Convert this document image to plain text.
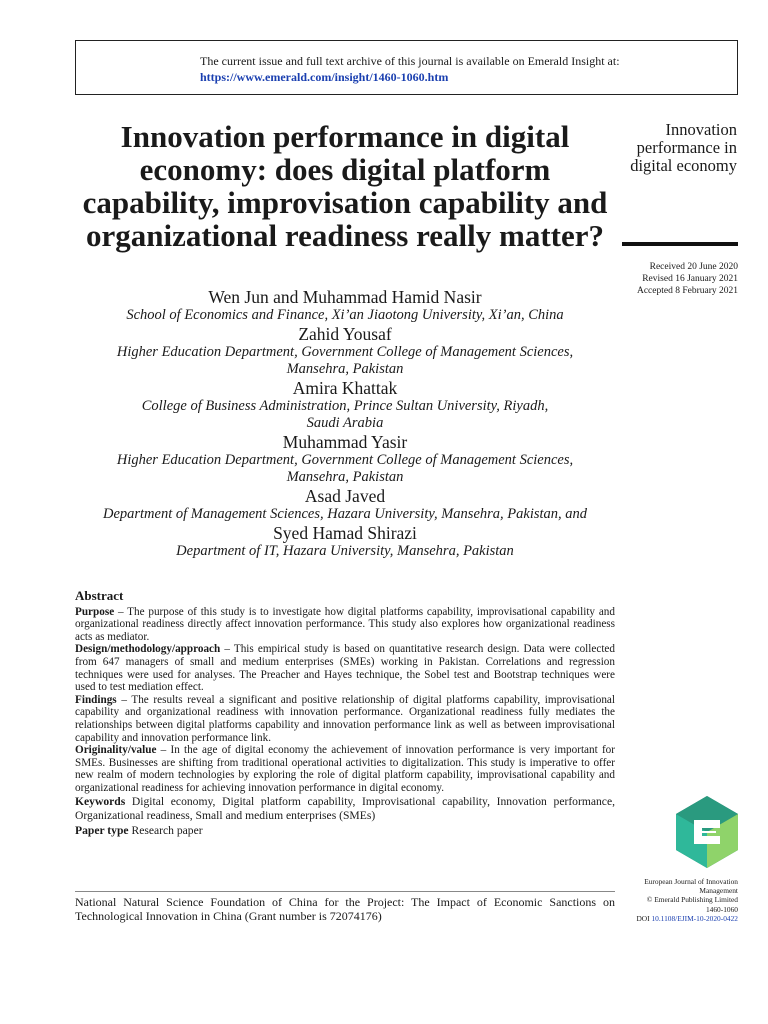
The current issue and full text archive of this journal is available on Emerald Insight at:
https://www.emerald.com/insight/1460-1060.htm
Innovation performance in digital economy: does digital platform capability, improvisation capability and organizational readiness really matter?
Innovation performance in digital economy
Received 20 June 2020
Revised 16 January 2021
Accepted 8 February 2021
Wen Jun and Muhammad Hamid Nasir
School of Economics and Finance, Xi’an Jiaotong University, Xi’an, China
Zahid Yousaf
Higher Education Department, Government College of Management Sciences, Mansehra, Pakistan
Amira Khattak
College of Business Administration, Prince Sultan University, Riyadh, Saudi Arabia
Muhammad Yasir
Higher Education Department, Government College of Management Sciences, Mansehra, Pakistan
Asad Javed
Department of Management Sciences, Hazara University, Mansehra, Pakistan, and
Syed Hamad Shirazi
Department of IT, Hazara University, Mansehra, Pakistan
Abstract

Purpose – The purpose of this study is to investigate how digital platforms capability, improvisational capability and organizational readiness directly affect innovation performance. This study also explores how organizational readiness acts as mediator.

Design/methodology/approach – This empirical study is based on quantitative research design. Data were collected from 647 managers of small and medium enterprises (SMEs) working in Pakistan. Correlations and regression techniques were used for analyses. The Preacher and Hayes technique, the Sobel test and Bootstrap techniques were used to test mediation effect.

Findings – The results reveal a significant and positive relationship of digital platforms capability, improvisational capability and organizational readiness with innovation performance. Organizational readiness fully mediates the relationships between digital platforms capability and innovation performance link as well as between improvisational capability and innovation performance link.

Originality/value – In the age of digital economy the achievement of innovation performance is very important for SMEs. Businesses are shifting from traditional operational activities to digitalization. This study is imperative to offer new realm of modern technologies by exploring the role of digital platform capability, improvisational capability and organizational readiness for achieving innovation performance in digital economy.

Keywords Digital economy, Digital platform capability, Improvisational capability, Innovation performance, Organizational readiness, Small and medium enterprises (SMEs)

Paper type Research paper

European Journal of Innovation Management
© Emerald Publishing Limited
1460-1060
DOI 10.1108/EJIM-10-2020-0422
National Natural Science Foundation of China for the Project: The Impact of Economic Sanctions on Technological Innovation in China (Grant number is 72074176)
